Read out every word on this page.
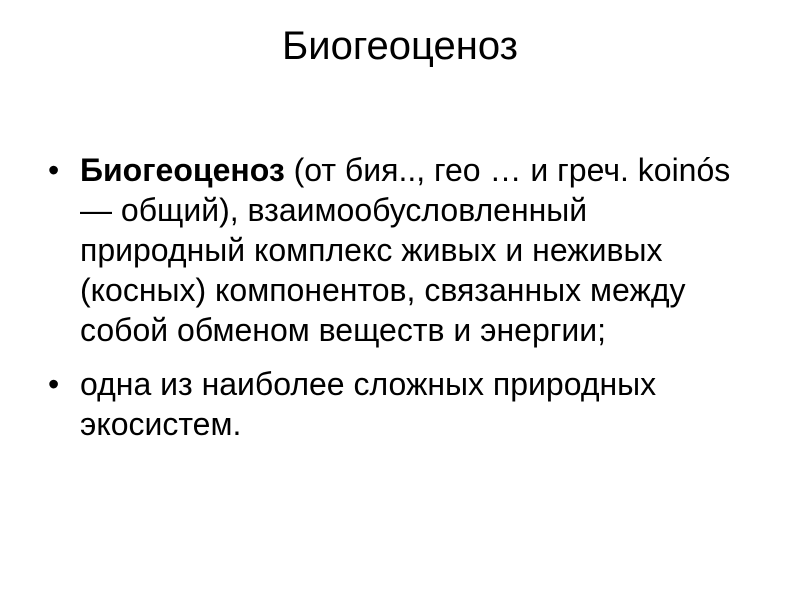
Биогеоценоз
• Биогеоценоз (от бия.., гео … и греч. koinós — общий), взаимообусловленный природный комплекс живых и неживых (косных) компонентов, связанных между собой обменом веществ и энергии;
• одна из наиболее сложных природных экосистем.
